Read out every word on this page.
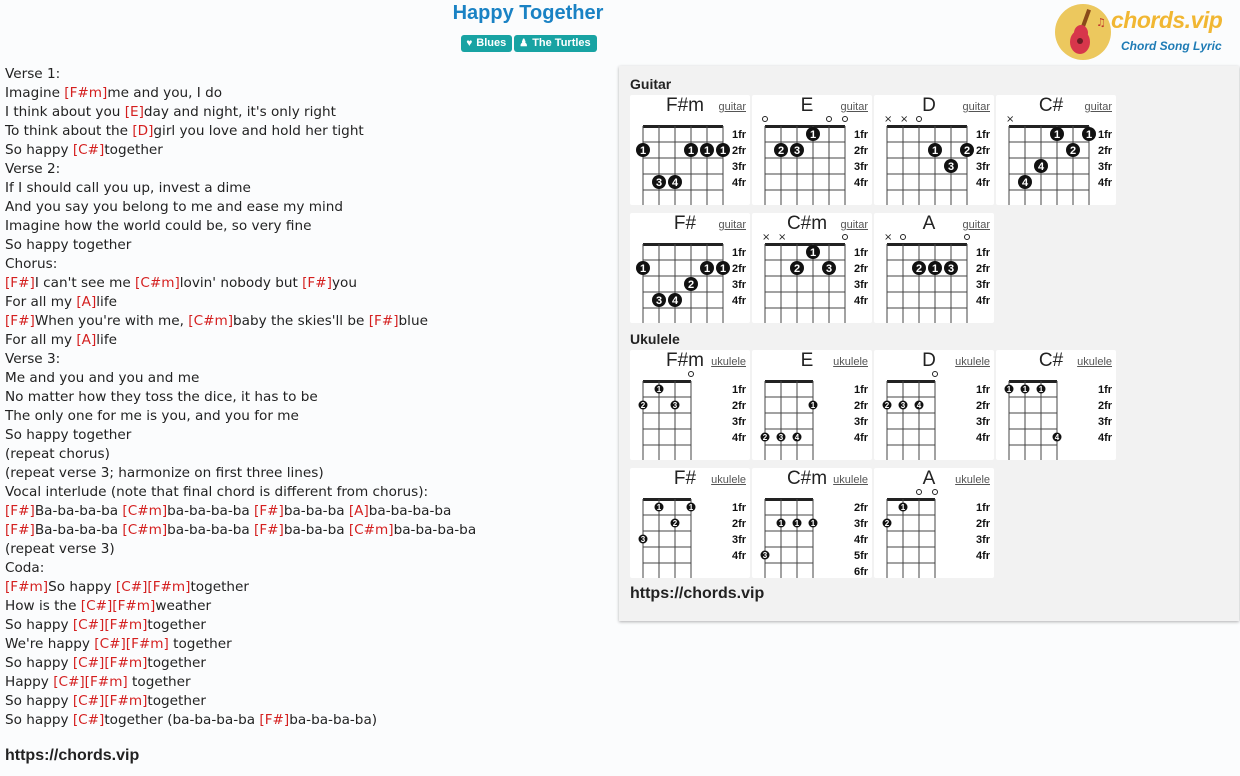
Happy Together
♥ Blues ♟ The Turtles
♫ chords.vip
Chord Song Lyric
Verse 1:
Imagine [F#m]me and you, I do
I think about you [E]day and night, it's only right
To think about the [D]girl you love and hold her tight
So happy [C#]together
Verse 2:
If I should call you up, invest a dime
And you say you belong to me and ease my mind
Imagine how the world could be, so very fine
So happy together
Chorus:
[F#]I can't see me [C#m]lovin' nobody but [F#]you
For all my [A]life
[F#]When you're with me, [C#m]baby the skies'll be [F#]blue
For all my [A]life
Verse 3:
Me and you and you and me
No matter how they toss the dice, it has to be
The only one for me is you, and you for me
So happy together
(repeat chorus)
(repeat verse 3; harmonize on first three lines)
Vocal interlude (note that final chord is different from chorus):
[F#]Ba-ba-ba-ba [C#m]ba-ba-ba-ba [F#]ba-ba-ba [A]ba-ba-ba-ba
[F#]Ba-ba-ba-ba [C#m]ba-ba-ba-ba [F#]ba-ba-ba [C#m]ba-ba-ba-ba
(repeat verse 3)
Coda:
[F#m]So happy [C#][F#m]together
How is the [C#][F#m]weather
So happy [C#][F#m]together
We're happy [C#][F#m] together
So happy [C#][F#m]together
Happy [C#][F#m] together
So happy [C#][F#m]together
So happy [C#]together (ba-ba-ba-ba [F#]ba-ba-ba-ba)
https://chords.vip
Guitar
F#m	guitar
1fr
2fr
3fr
4fr
1	1 1 1
3 4
E	guitar
1fr
2fr
3fr
4fr
1
2 3
D	guitar
1fr
2fr
3fr
4fr
× ×
1 2
3
C#	guitar
1fr
2fr
3fr
4fr
×
1 1
2
4
4
F#	guitar
1fr
2fr
3fr
4fr
1	1 1
2
3 4
C#m	guitar
1fr
2fr
3fr
4fr
× ×
1
2 3
A	guitar
1fr
2fr
3fr
4fr
×
2 1 3
Ukulele
F#m ukulele
1fr
2fr
3fr
4fr
1
2	3
E	ukulele
1fr
2fr
3fr
4fr
1
2 3 4
D	ukulele
1fr
2fr
3fr
4fr
2 3 4
C#	ukulele
1fr
2fr
3fr
4fr
1 1 1
4
F#	ukulele
1fr
2fr
3fr
4fr
1	1
2
3
C#m ukulele
2fr
3fr
4fr
5fr
6fr
1 1 1
3
A	ukulele
1fr
2fr
3fr
4fr
1
2
https://chords.vip
